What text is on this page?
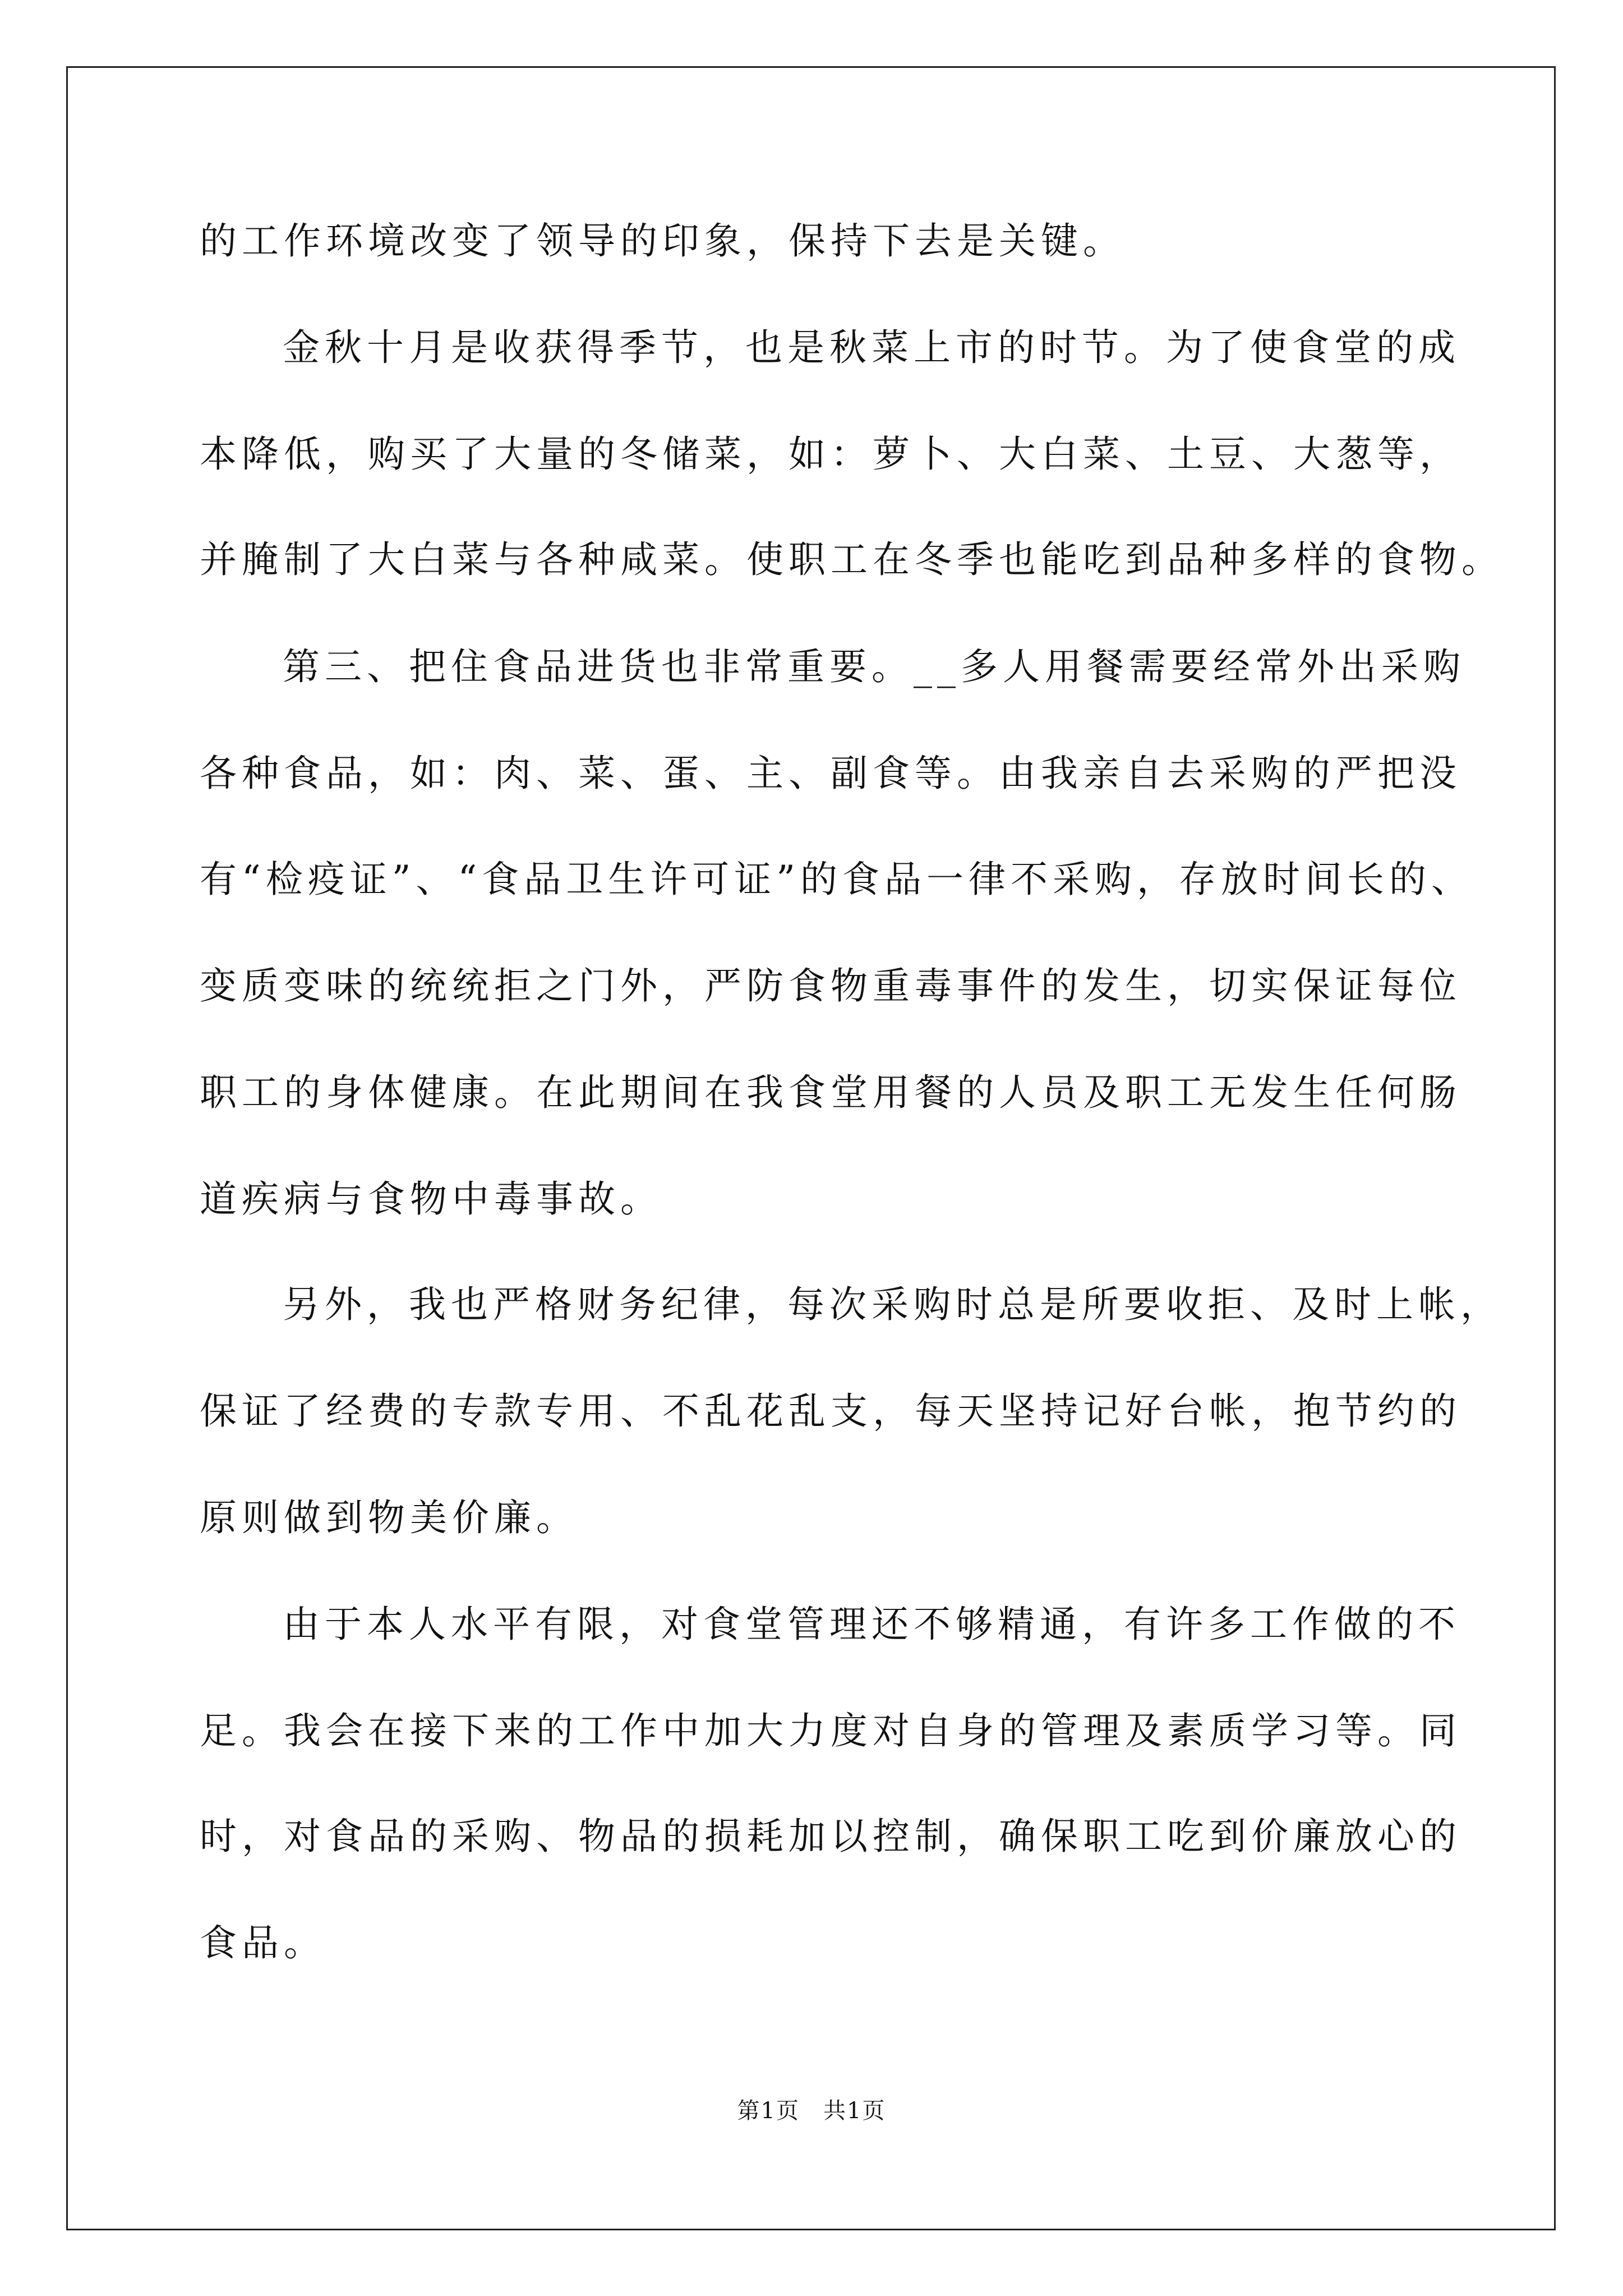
的工作环境改变了领导的印象，保持下去是关键。
金秋十月是收获得季节，也是秋菜上市的时节。为了使食堂的成
本降低，购买了大量的冬储菜，如：萝卜、大白菜、土豆、大葱等，
并腌制了大白菜与各种咸菜。使职工在冬季也能吃到品种多样的食物。
第三、把住食品进货也非常重要。__多人用餐需要经常外出采购
各种食品，如：肉、菜、蛋、主、副食等。由我亲自去采购的严把没
有“检疫证”、“食品卫生许可证”的食品一律不采购，存放时间长的、
变质变味的统统拒之门外，严防食物重毒事件的发生，切实保证每位
职工的身体健康。在此期间在我食堂用餐的人员及职工无发生任何肠
道疾病与食物中毒事故。
另外，我也严格财务纪律，每次采购时总是所要收拒、及时上帐，
保证了经费的专款专用、不乱花乱支，每天坚持记好台帐，抱节约的
原则做到物美价廉。
由于本人水平有限，对食堂管理还不够精通，有许多工作做的不
足。我会在接下来的工作中加大力度对自身的管理及素质学习等。同
时，对食品的采购、物品的损耗加以控制，确保职工吃到价廉放心的
食品。
第1页　共1页
